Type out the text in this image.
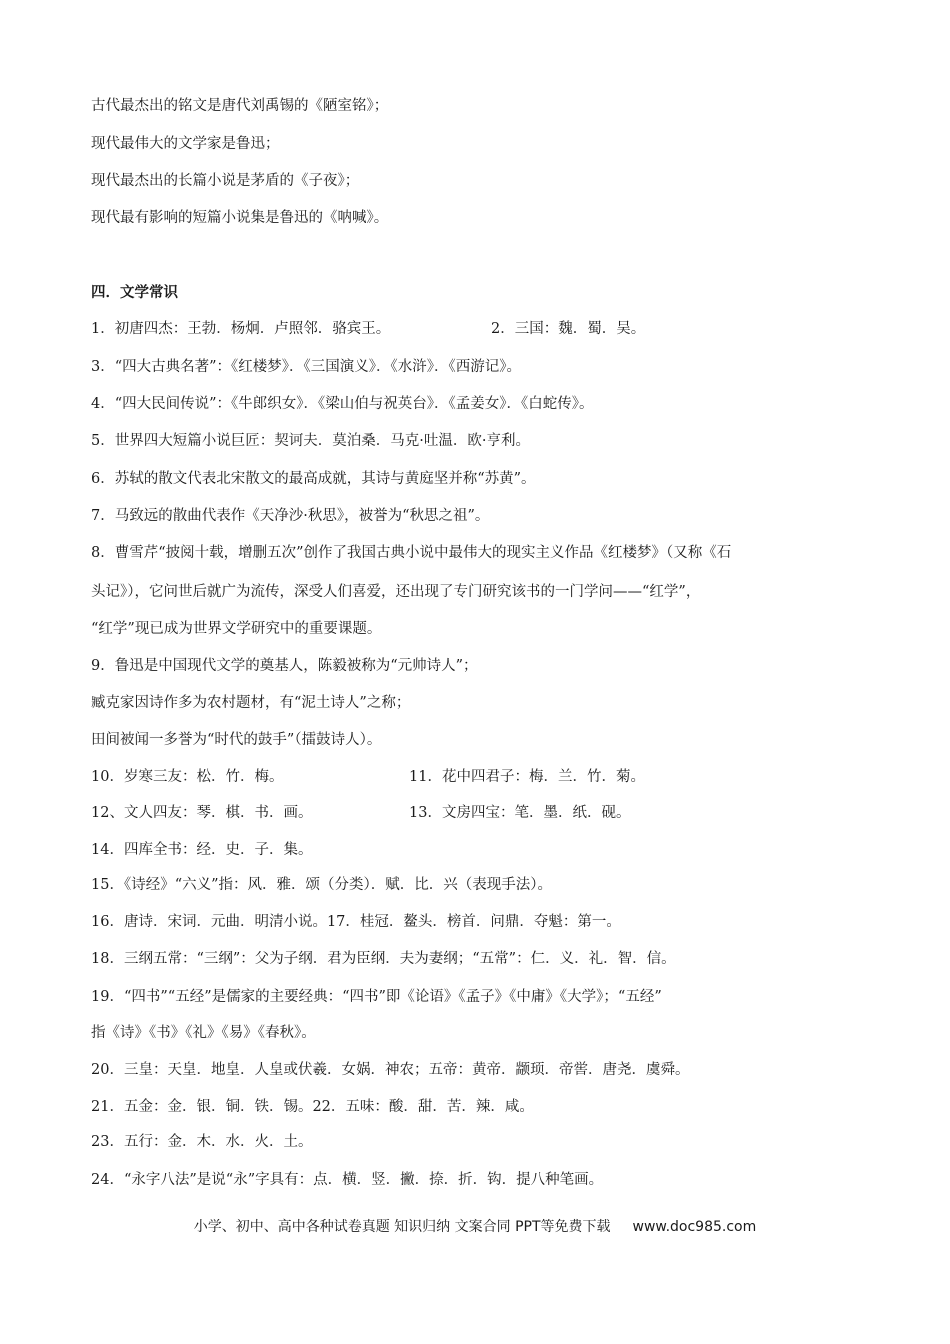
古代最杰出的铭文是唐代刘禹锡的《陋室铭》；
现代最伟大的文学家是鲁迅；
现代最杰出的长篇小说是茅盾的《子夜》；
现代最有影响的短篇小说集是鲁迅的《呐喊》。
四．文学常识
1．初唐四杰：王勃．杨炯．卢照邻．骆宾王。	2．三国：魏．蜀．吴。
3．“四大古典名著”：《红楼梦》．《三国演义》．《水浒》．《西游记》。
4．“四大民间传说”：《牛郎织女》．《梁山伯与祝英台》．《孟姜女》．《白蛇传》。
5．世界四大短篇小说巨匠：契诃夫．莫泊桑．马克·吐温．欧·亨利。
6．苏轼的散文代表北宋散文的最高成就，其诗与黄庭坚并称“苏黄”。
7．马致远的散曲代表作《天净沙·秋思》，被誉为“秋思之祖”。
8．曹雪芹“披阅十载，增删五次”创作了我国古典小说中最伟大的现实主义作品《红楼梦》（又称《石
头记》），它问世后就广为流传，深受人们喜爱，还出现了专门研究该书的一门学问——“红学”，
“红学”现已成为世界文学研究中的重要课题。
9．鲁迅是中国现代文学的奠基人，陈毅被称为“元帅诗人”；
臧克家因诗作多为农村题材，有“泥土诗人”之称；
田间被闻一多誉为“时代的鼓手”（擂鼓诗人）。
10．岁寒三友：松．竹．梅。	11．花中四君子：梅．兰．竹．菊。
12、文人四友：琴．棋．书．画。	13．文房四宝：笔．墨．纸．砚。
14．四库全书：经．史．子．集。
15．《诗经》“六义”指：风．雅．颂（分类）．赋．比．兴（表现手法）。
16．唐诗．宋词．元曲．明清小说。17．桂冠．鳌头．榜首．问鼎．夺魁：第一。
18．三纲五常：“三纲”：父为子纲．君为臣纲．夫为妻纲；“五常”：仁．义．礼．智．信。
19．“四书”“五经”是儒家的主要经典：“四书”即《论语》《孟子》《中庸》《大学》；“五经”
指《诗》《书》《礼》《易》《春秋》。
20．三皇：天皇．地皇．人皇或伏羲．女娲．神农；五帝：黄帝．颛顼．帝喾．唐尧．虞舜。
21．五金：金．银．铜．铁．锡。22．五味：酸．甜．苦．辣．咸。
23．五行：金．木．水．火．土。
24．“永字八法”是说“永”字具有：点．横．竖．撇．捺．折．钩．提八种笔画。
小学、初中、高中各种试卷真题 知识归纳 文案合同 PPT等免费下载 www.doc985.com
